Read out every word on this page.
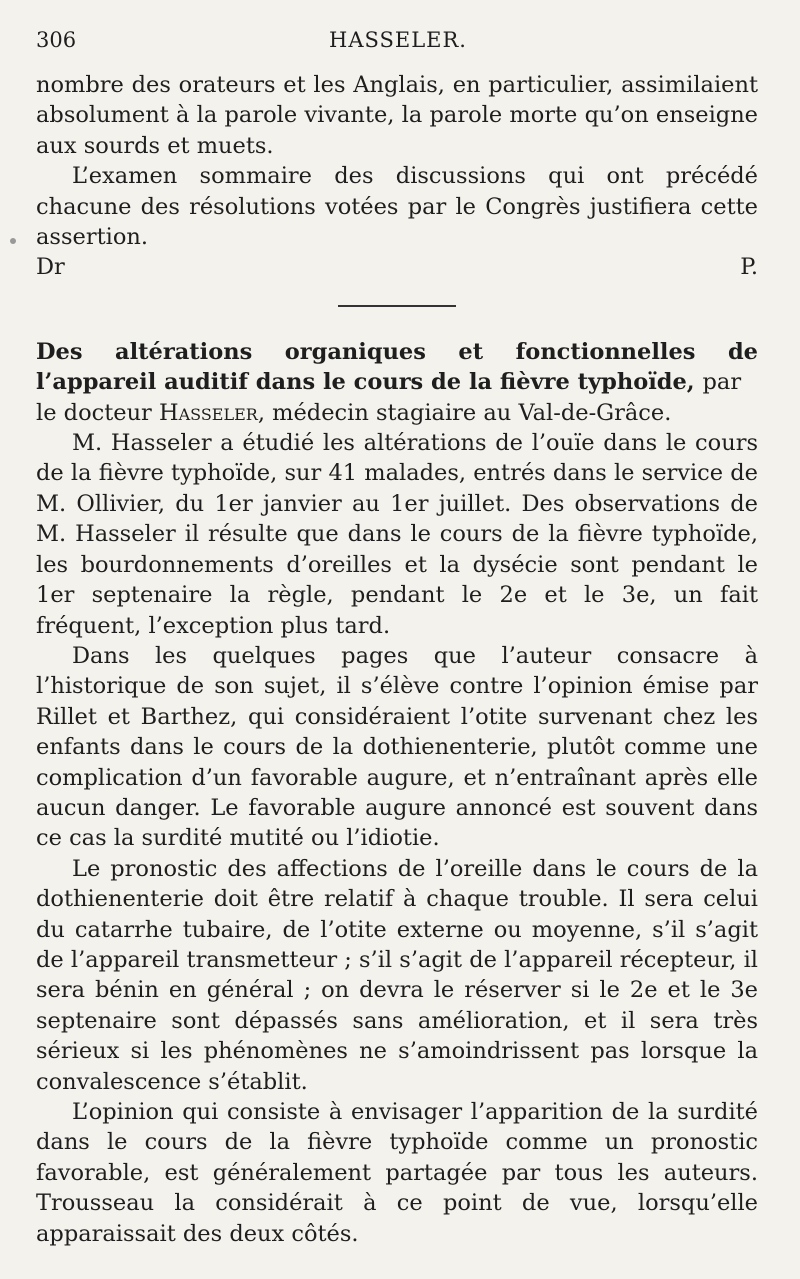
306	HASSELER.

nombre des orateurs et les Anglais, en particulier, assimilaient absolument à la parole vivante, la parole morte qu’on enseigne aux sourds et muets.

L’examen sommaire des discussions qui ont précédé chacune des résolutions votées par le Congrès justifiera cette assertion.

Dr P.

Des altérations organiques et fonctionnelles de l’appareil auditif dans le cours de la fièvre typhoïde, par

le docteur Hasseler, médecin stagiaire au Val-de-Grâce.

M. Hasseler a étudié les altérations de l’ouïe dans le cours de la fièvre typhoïde, sur 41 malades, entrés dans le service de M. Ollivier, du 1er janvier au 1er juillet. Des observations de M. Hasseler il résulte que dans le cours de la fièvre typhoïde, les bourdonnements d’oreilles et la dysécie sont pendant le 1er septenaire la règle, pendant le 2e et le 3e, un fait fréquent, l’exception plus tard.

Dans les quelques pages que l’auteur consacre à l’historique de son sujet, il s’élève contre l’opinion émise par Rillet et Barthez, qui considéraient l’otite survenant chez les enfants dans le cours de la dothienenterie, plutôt comme une complication d’un favorable augure, et n’entraînant après elle aucun danger. Le favorable augure annoncé est souvent dans ce cas la surdité mutité ou l’idiotie.

Le pronostic des affections de l’oreille dans le cours de la dothienenterie doit être relatif à chaque trouble. Il sera celui du catarrhe tubaire, de l’otite externe ou moyenne, s’il s’agit de l’appareil transmetteur ; s’il s’agit de l’appareil récepteur, il sera bénin en général ; on devra le réserver si le 2e et le 3e septenaire sont dépassés sans amélioration, et il sera très sérieux si les phénomènes ne s’amoindrissent pas lorsque la convalescence s’établit.

L’opinion qui consiste à envisager l’apparition de la surdité dans le cours de la fièvre typhoïde comme un pronostic favorable, est généralement partagée par tous les auteurs. Trousseau la considérait à ce point de vue, lorsqu’elle apparaissait des deux côtés.
